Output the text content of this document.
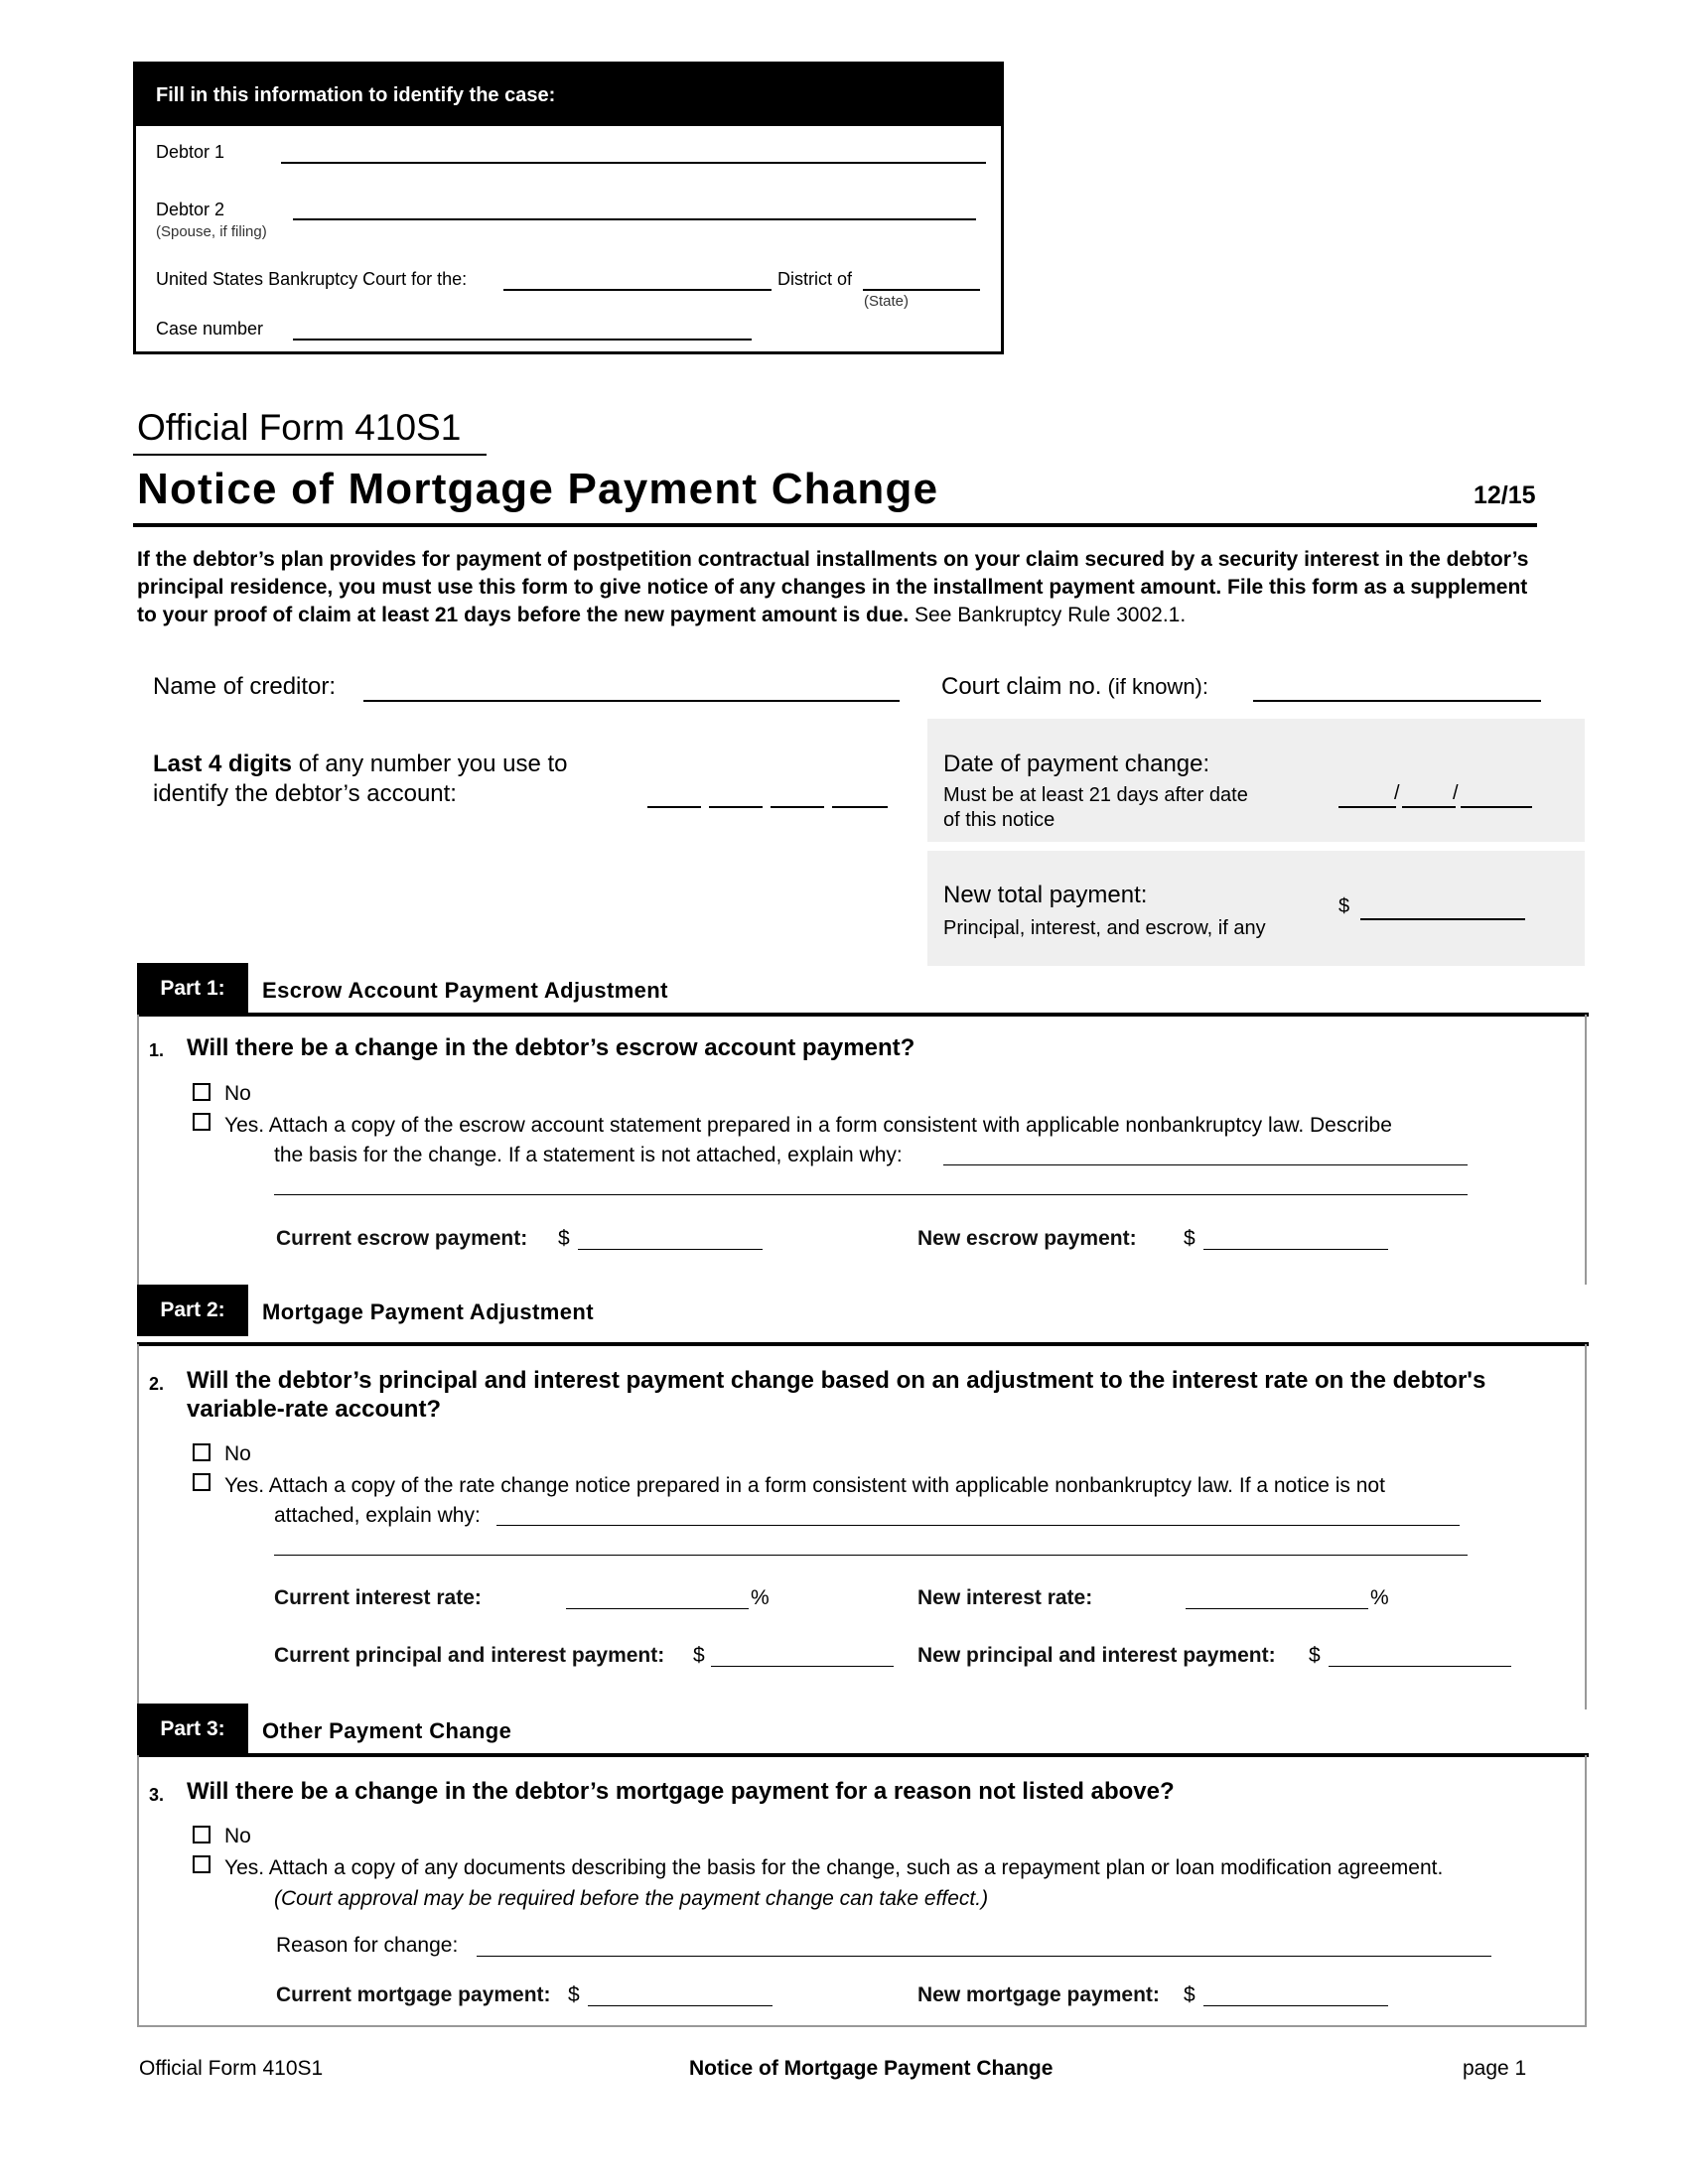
Fill in this information to identify the case:
Debtor 1
Debtor 2
(Spouse, if filing)
United States Bankruptcy Court for the:	District of
(State)
Case number
Official Form 410S1
Notice of Mortgage Payment Change	12/15
If the debtor’s plan provides for payment of postpetition contractual installments on your claim secured by a security interest in the debtor’s principal residence, you must use this form to give notice of any changes in the installment payment amount. File this form as a supplement to your proof of claim at least 21 days before the new payment amount is due. See Bankruptcy Rule 3002.1.
Name of creditor:	Court claim no. (if known):
Last 4 digits of any number you use to
identify the debtor’s account:
Date of payment change:
Must be at least 21 days after date
of this notice
/	/
New total payment:
Principal, interest, and escrow, if any
$
Part 1:	Escrow Account Payment Adjustment
1. Will there be a change in the debtor’s escrow account payment?
No
Yes. Attach a copy of the escrow account statement prepared in a form consistent with applicable nonbankruptcy law. Describe
the basis for the change. If a statement is not attached, explain why:
Current escrow payment: $	New escrow payment: $
Part 2:	Mortgage Payment Adjustment
2. Will the debtor’s principal and interest payment change based on an adjustment to the interest rate on the debtor's
variable-rate account?
No
Yes. Attach a copy of the rate change notice prepared in a form consistent with applicable nonbankruptcy law. If a notice is not
attached, explain why:
Current interest rate:	%	New interest rate:	%
Current principal and interest payment: $	New principal and interest payment: $
Part 3:	Other Payment Change
3. Will there be a change in the debtor’s mortgage payment for a reason not listed above?
No
Yes. Attach a copy of any documents describing the basis for the change, such as a repayment plan or loan modification agreement.
(Court approval may be required before the payment change can take effect.)
Reason for change:
Current mortgage payment: $	New mortgage payment: $
Official Form 410S1	Notice of Mortgage Payment Change	page 1
